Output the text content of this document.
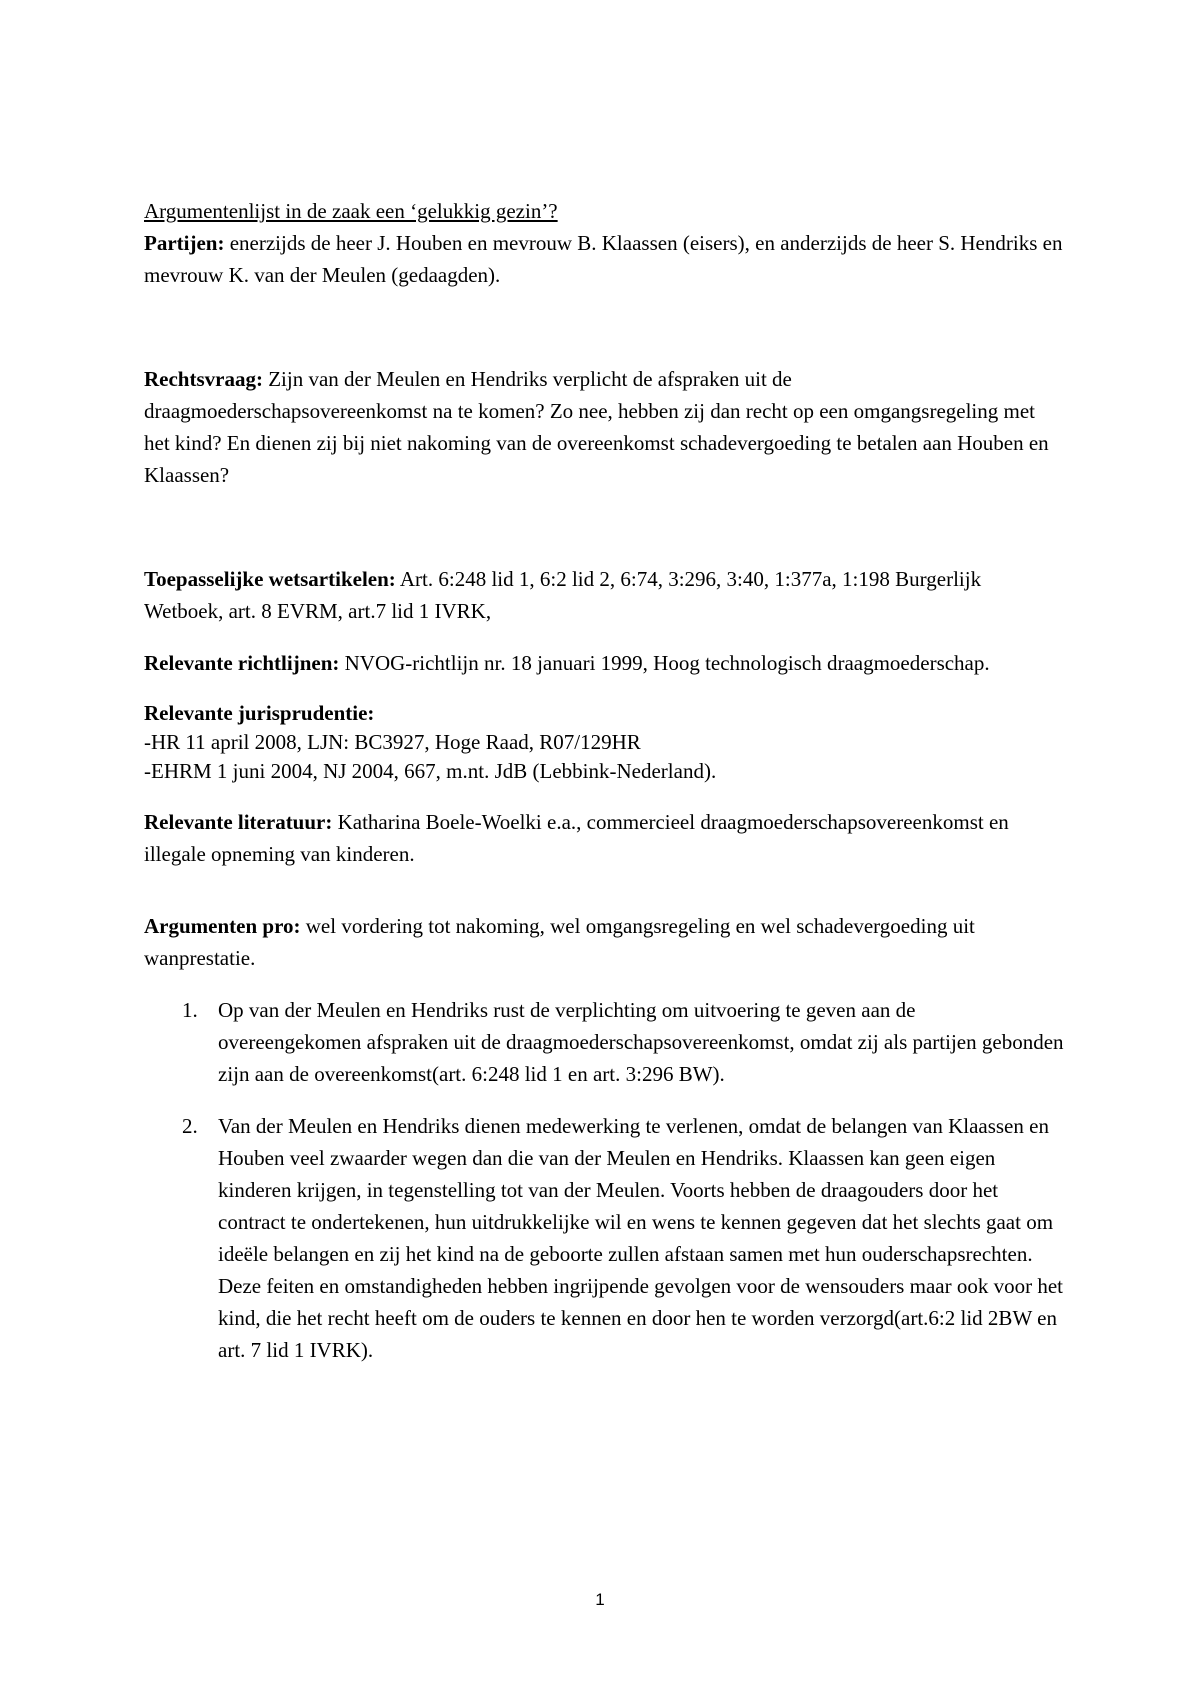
Argumentenlijst in de zaak een ‘gelukkig gezin’?

Partijen: enerzijds de heer J. Houben en mevrouw B. Klaassen (eisers), en anderzijds de heer S. Hendriks en mevrouw K. van der Meulen (gedaagden).

Rechtsvraag: Zijn van der Meulen en Hendriks verplicht de afspraken uit de draagmoederschapsovereenkomst na te komen? Zo nee, hebben zij dan recht op een omgangsregeling met het kind? En dienen zij bij niet nakoming van de overeenkomst schadevergoeding te betalen aan Houben en Klaassen?

Toepasselijke wetsartikelen: Art. 6:248 lid 1, 6:2 lid 2, 6:74, 3:296, 3:40, 1:377a, 1:198 Burgerlijk Wetboek, art. 8 EVRM, art.7 lid 1 IVRK,

Relevante richtlijnen: NVOG-richtlijn nr. 18 januari 1999, Hoog technologisch draagmoederschap.

Relevante jurisprudentie:
-HR 11 april 2008, LJN: BC3927, Hoge Raad, R07/129HR
-EHRM 1 juni 2004, NJ 2004, 667, m.nt. JdB (Lebbink-Nederland).

Relevante literatuur: Katharina Boele-Woelki e.a., commercieel draagmoederschapsovereenkomst en illegale opneming van kinderen.

Argumenten pro: wel vordering tot nakoming, wel omgangsregeling en wel schadevergoeding uit wanprestatie.

1. Op van der Meulen en Hendriks rust de verplichting om uitvoering te geven aan de overeengekomen afspraken uit de draagmoederschapsovereenkomst, omdat zij als partijen gebonden zijn aan de overeenkomst(art. 6:248 lid 1 en art. 3:296 BW).
2. Van der Meulen en Hendriks dienen medewerking te verlenen, omdat de belangen van Klaassen en Houben veel zwaarder wegen dan die van der Meulen en Hendriks. Klaassen kan geen eigen kinderen krijgen, in tegenstelling tot van der Meulen. Voorts hebben de draagouders door het contract te ondertekenen, hun uitdrukkelijke wil en wens te kennen gegeven dat het slechts gaat om ideële belangen en zij het kind na de geboorte zullen afstaan samen met hun ouderschapsrechten. Deze feiten en omstandigheden hebben ingrijpende gevolgen voor de wensouders maar ook voor het kind, die het recht heeft om de ouders te kennen en door hen te worden verzorgd(art.6:2 lid 2BW en art. 7 lid 1 IVRK).
1
